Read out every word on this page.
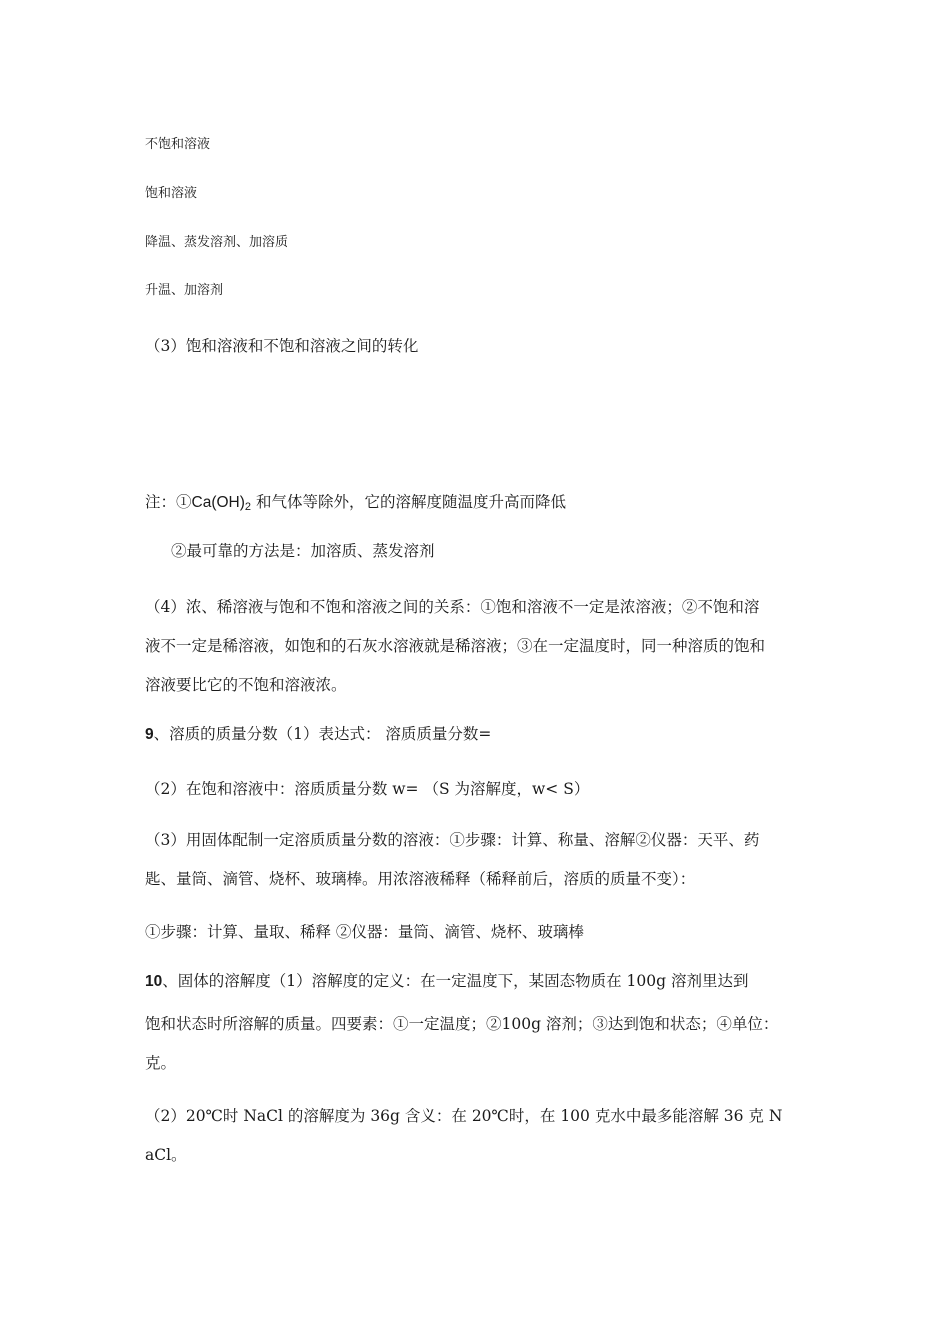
不饱和溶液
饱和溶液
降温、蒸发溶剂、加溶质
升温、加溶剂
（3）饱和溶液和不饱和溶液之间的转化
注：$①Ca(OH)_2$ 和气体等除外，它的溶解度随温度升高而降低
②最可靠的方法是：加溶质、蒸发溶剂
（4）浓、稀溶液与饱和不饱和溶液之间的关系：①饱和溶液不一定是浓溶液；②不饱和溶
液不一定是稀溶液，如饱和的石灰水溶液就是稀溶液；③在一定温度时，同一种溶质的饱和
溶液要比它的不饱和溶液浓。
9、溶质的质量分数（1）表达式： 溶质质量分数=
（2）在饱和溶液中：溶质质量分数 w= （S 为溶解度，w< S）
（3）用固体配制一定溶质质量分数的溶液：①步骤：计算、称量、溶解②仪器：天平、药
匙、量筒、滴管、烧杯、玻璃棒。用浓溶液稀释（稀释前后，溶质的质量不变）：
①步骤：计算、量取、稀释 ②仪器：量筒、滴管、烧杯、玻璃棒
10、固体的溶解度（1）溶解度的定义：在一定温度下，某固态物质在 100g 溶剂里达到
饱和状态时所溶解的质量。四要素：①一定温度；②100g 溶剂；③达到饱和状态；④单位：
克。
（2）20℃时 NaCl 的溶解度为 36g 含义：在 20℃时，在 100 克水中最多能溶解 36 克 N
aCl。
